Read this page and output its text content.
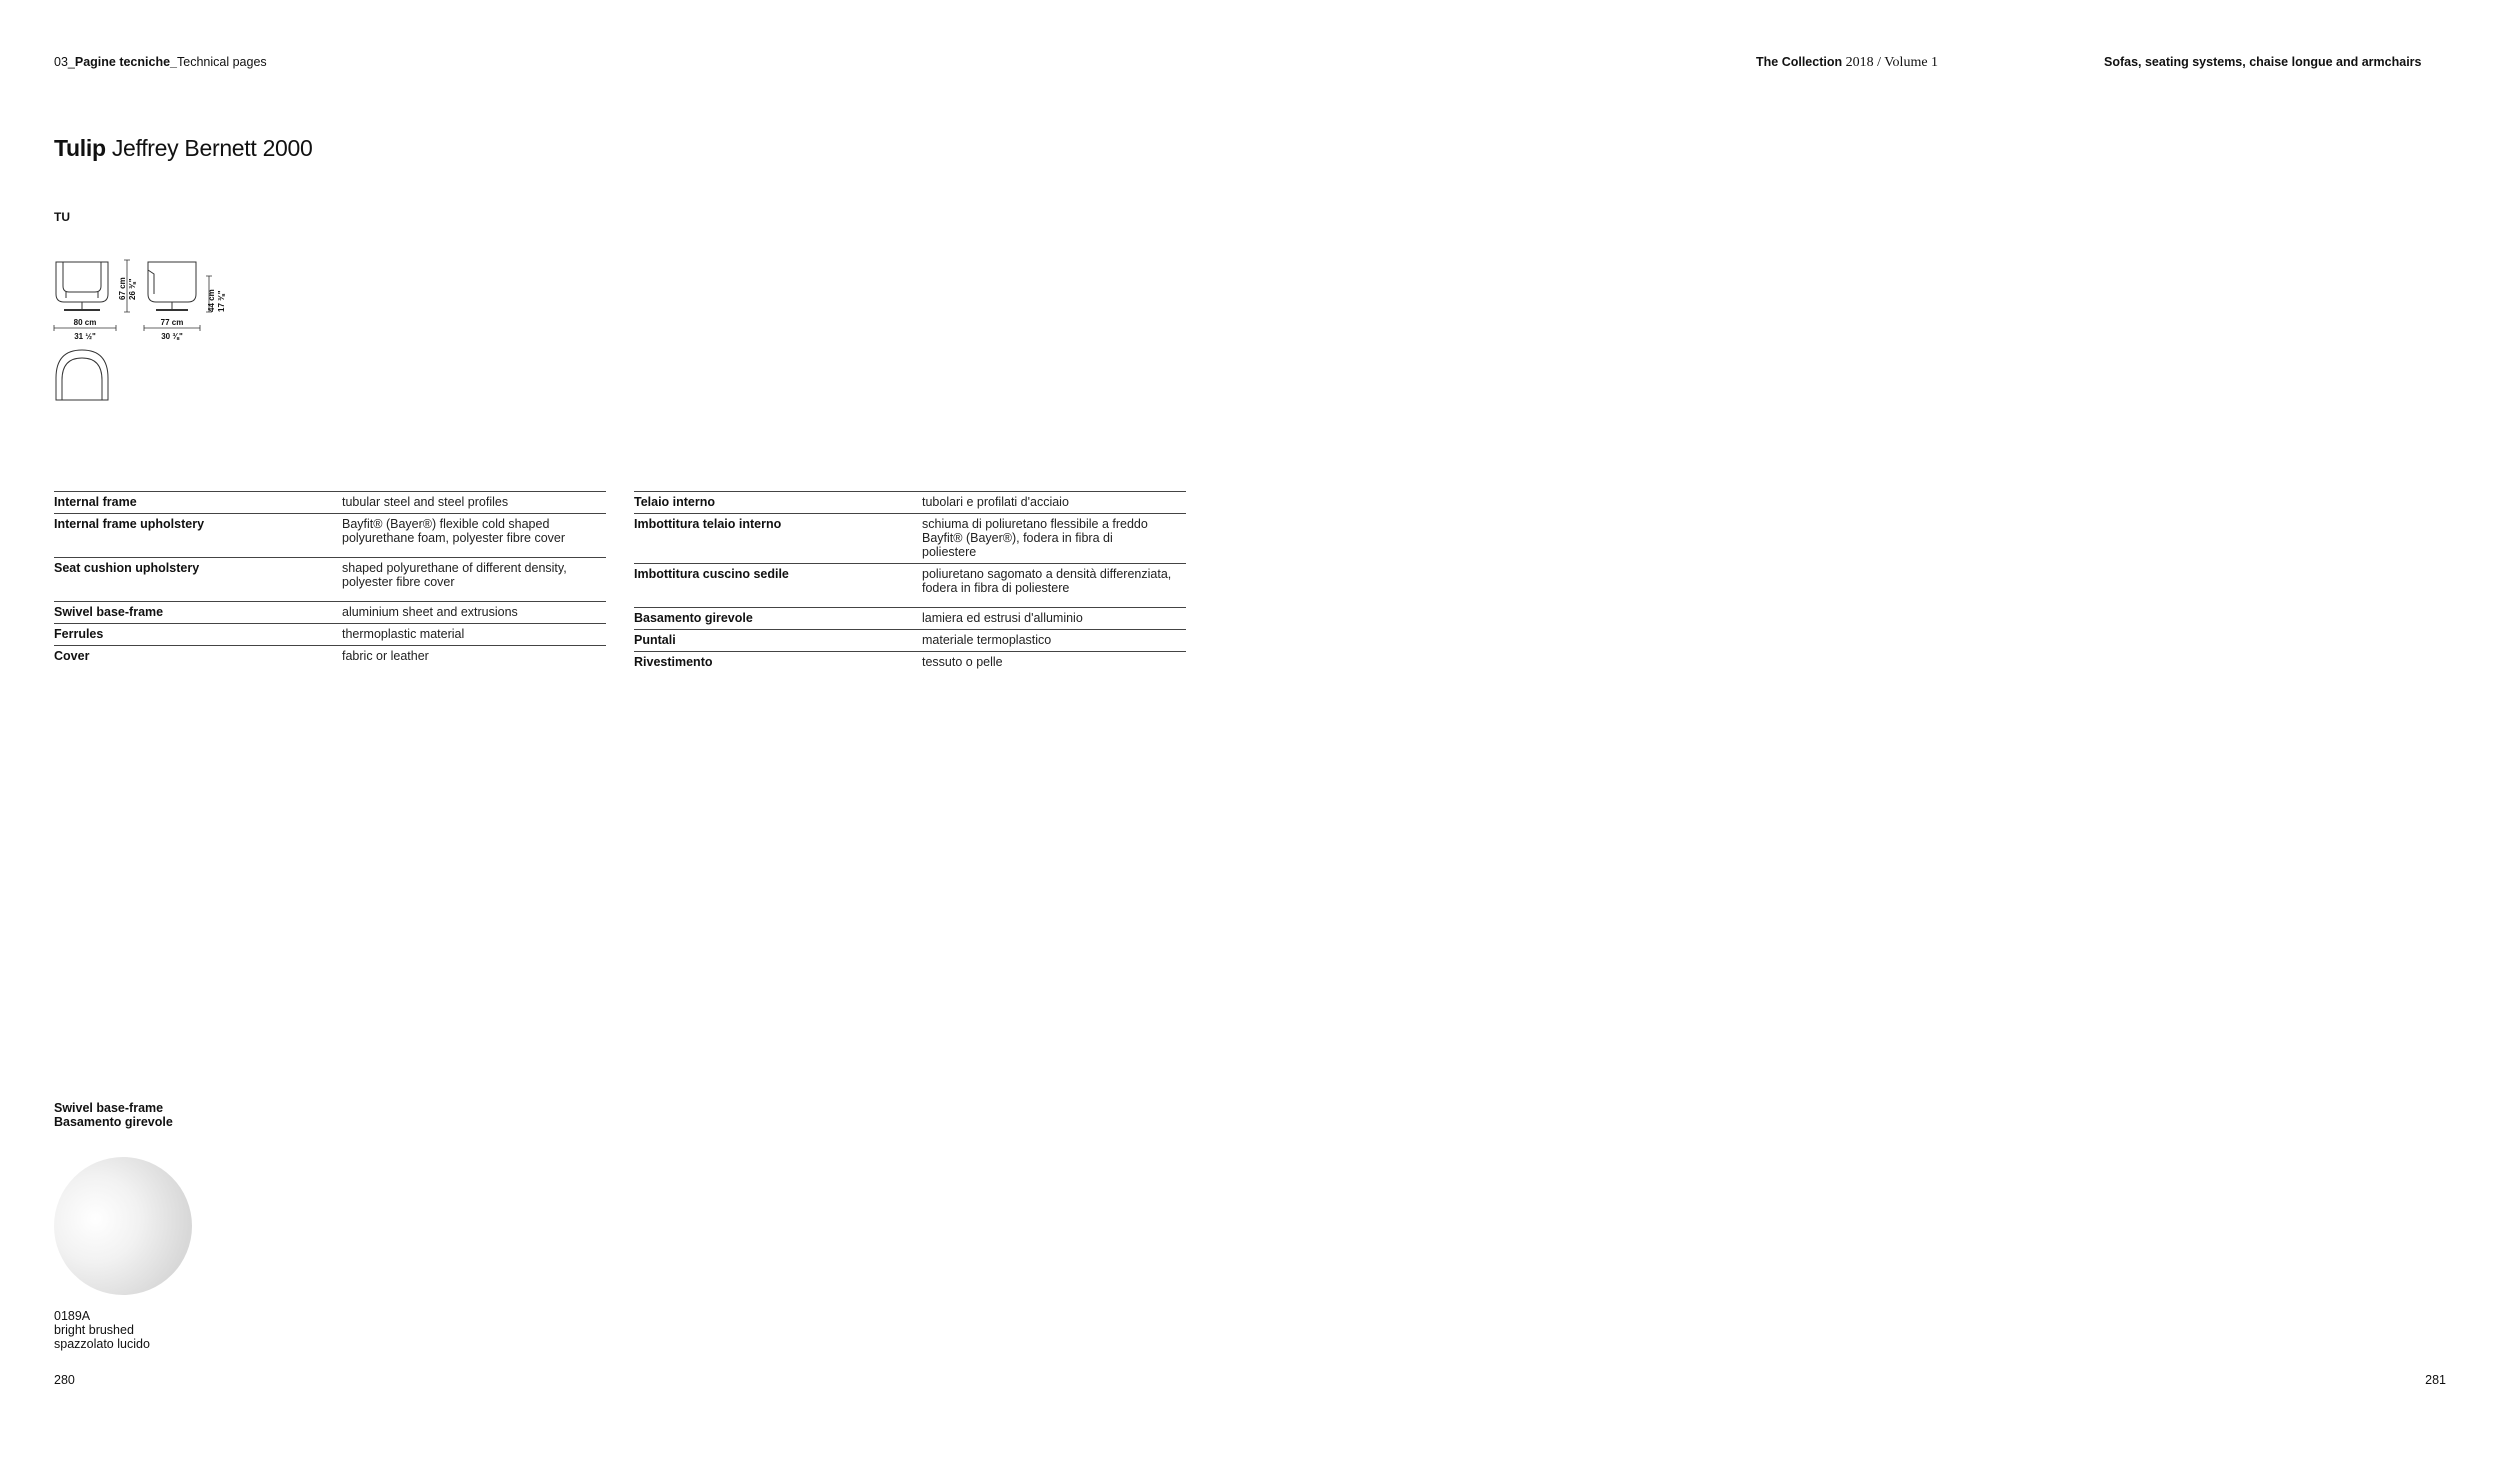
03_Pagine tecniche_Technical pages	The Collection 2018 / Volume 1	Sofas, seating systems, chaise longue and armchairs
Tulip Jeffrey Bernett 2000
TU
67 cm 26 ⅜"
44 cm 17 ⅜"
80 cm
31 ½"
77 cm
30 ⅜"
Internal frame	tubular steel and steel profiles
Internal frame upholstery	Bayfit® (Bayer®) flexible cold shaped polyurethane foam, polyester fibre cover
Seat cushion upholstery	shaped polyurethane of different density, polyester fibre cover
Swivel base-frame	aluminium sheet and extrusions
Ferrules	thermoplastic material
Cover	fabric or leather
Telaio interno	tubolari e profilati d'acciaio
Imbottitura telaio interno	schiuma di poliuretano flessibile a freddo Bayfit® (Bayer®), fodera in fibra di poliestere
Imbottitura cuscino sedile	poliuretano sagomato a densità differenziata, fodera in fibra di poliestere
Basamento girevole	lamiera ed estrusi d'alluminio
Puntali	materiale termoplastico
Rivestimento	tessuto o pelle
Swivel base-frame
Basamento girevole
0189A
bright brushed
spazzolato lucido
280	281
